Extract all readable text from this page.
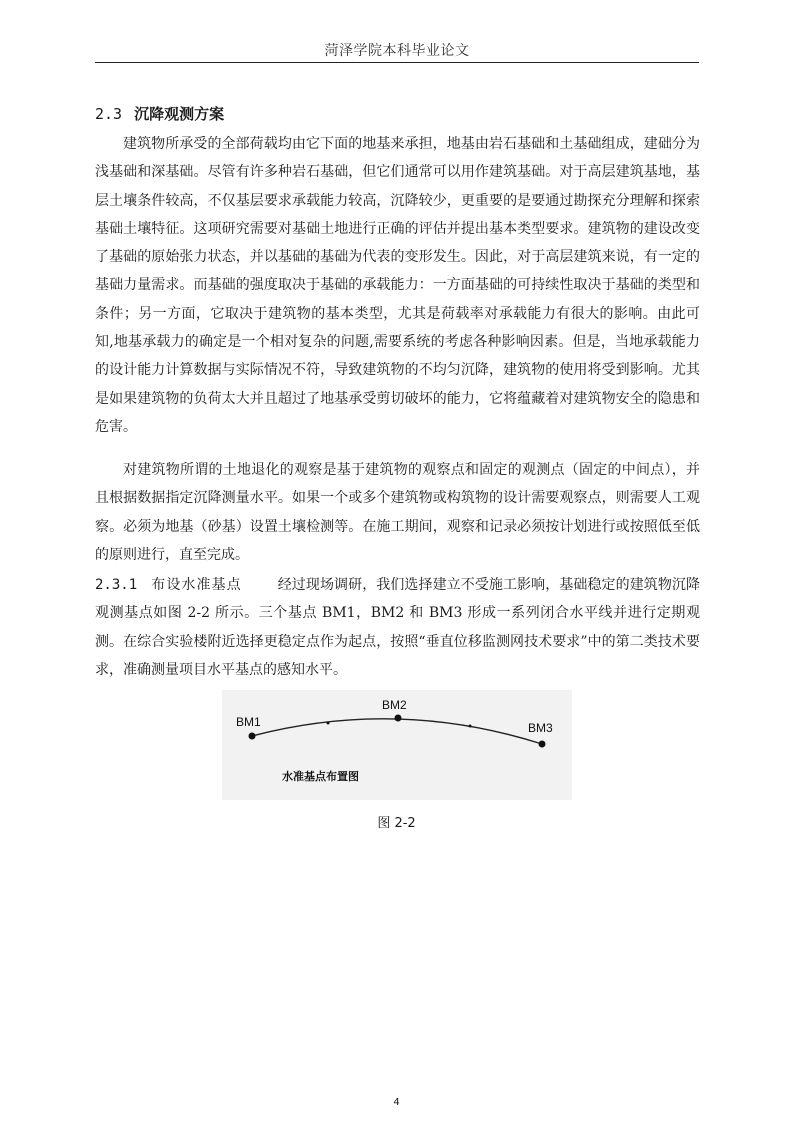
菏泽学院本科毕业论文
2.3 沉降观测方案

建筑物所承受的全部荷载均由它下面的地基来承担，地基由岩石基础和土基础组成，建础分为浅基础和深基础。尽管有许多种岩石基础，但它们通常可以用作建筑基础。对于高层建筑基地，基层土壤条件较高，不仅基层要求承载能力较高，沉降较少，更重要的是要通过勘探充分理解和探索基础土壤特征。这项研究需要对基础土地进行正确的评估并提出基本类型要求。建筑物的建设改变了基础的原始张力状态，并以基础的基础为代表的变形发生。因此，对于高层建筑来说，有一定的基础力量需求。而基础的强度取决于基础的承载能力：一方面基础的可持续性取决于基础的类型和条件；另一方面，它取决于建筑物的基本类型，尤其是荷载率对承载能力有很大的影响。由此可知,地基承载力的确定是一个相对复杂的问题,需要系统的考虑各种影响因素。但是，当地承载能力的设计能力计算数据与实际情况不符，导致建筑物的不均匀沉降，建筑物的使用将受到影响。尤其是如果建筑物的负荷太大并且超过了地基承受剪切破坏的能力，它将蕴藏着对建筑物安全的隐患和危害。

对建筑物所谓的土地退化的观察是基于建筑物的观察点和固定的观测点（固定的中间点），并且根据数据指定沉降测量水平。如果一个或多个建筑物或构筑物的设计需要观察点，则需要人工观察。必须为地基（砂基）设置土壤检测等。在施工期间，观察和记录必须按计划进行或按照低至低的原则进行，直至完成。

2.3.1 布设水准基点	经过现场调研，我们选择建立不受施工影响，基础稳定的建筑物沉降观测基点如图 2-2 所示。三个基点 BM1，BM2 和 BM3 形成一系列闭合水平线并进行定期观测。在综合实验楼附近选择更稳定点作为起点，按照“垂直位移监测网技术要求”中的第二类技术要求，准确测量项目水平基点的感知水平。

BM1
BM2
BM3
水准基点布置图
图 2-2
4
